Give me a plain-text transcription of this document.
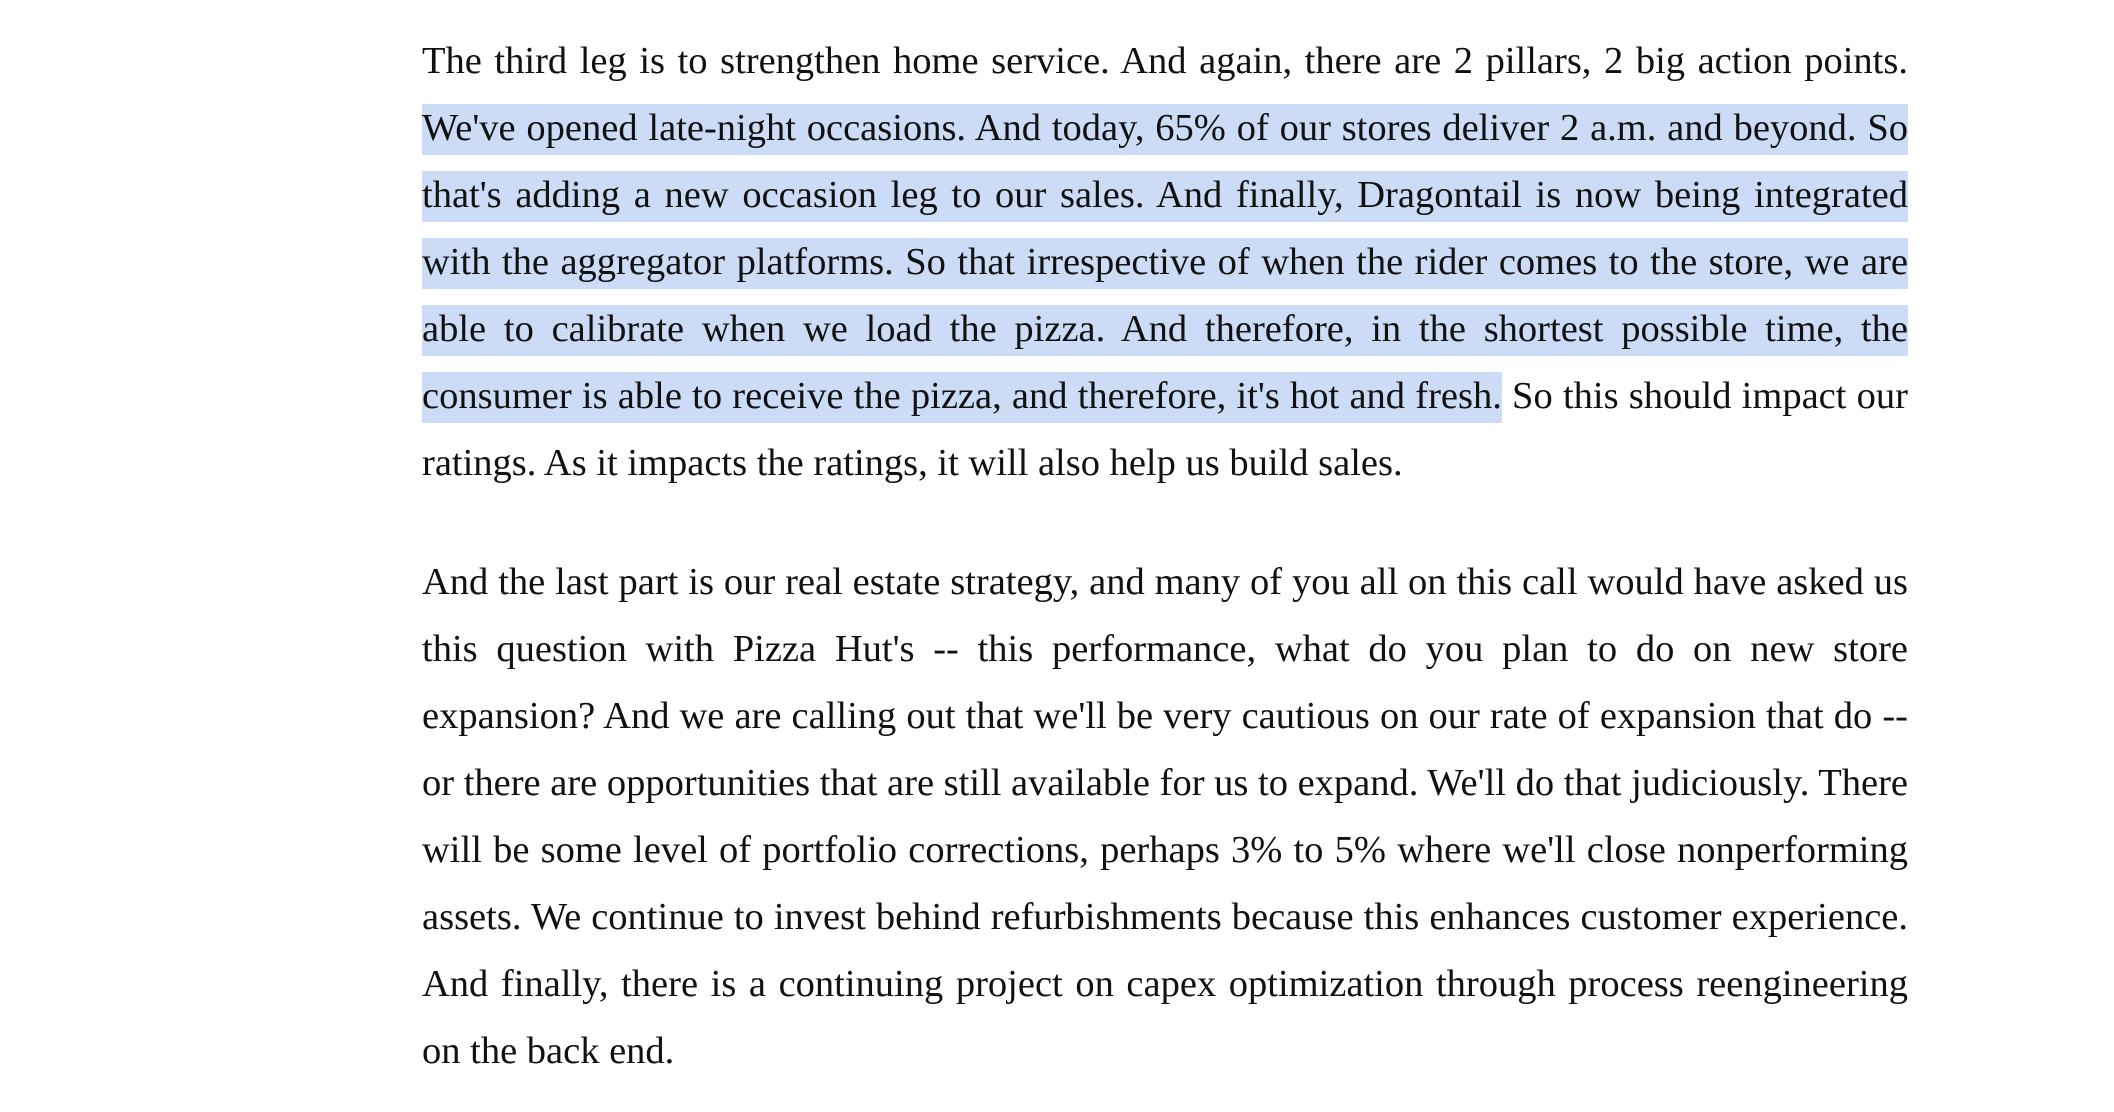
The third leg is to strengthen home service. And again, there are 2 pillars, 2 big action points. We've opened late-night occasions. And today, 65% of our stores deliver 2 a.m. and beyond. So that's adding a new occasion leg to our sales. And finally, Dragontail is now being integrated with the aggregator platforms. So that irrespective of when the rider comes to the store, we are able to calibrate when we load the pizza. And therefore, in the shortest possible time, the consumer is able to receive the pizza, and therefore, it's hot and fresh. So this should impact our ratings. As it impacts the ratings, it will also help us build sales.

And the last part is our real estate strategy, and many of you all on this call would have asked us this question with Pizza Hut's -- this performance, what do you plan to do on new store expansion? And we are calling out that we'll be very cautious on our rate of expansion that do -- or there are opportunities that are still available for us to expand. We'll do that judiciously. There will be some level of portfolio corrections, perhaps 3% to 5% where we'll close nonperforming assets. We continue to invest behind refurbishments because this enhances customer experience. And finally, there is a continuing project on capex optimization through process reengineering on the back end.
